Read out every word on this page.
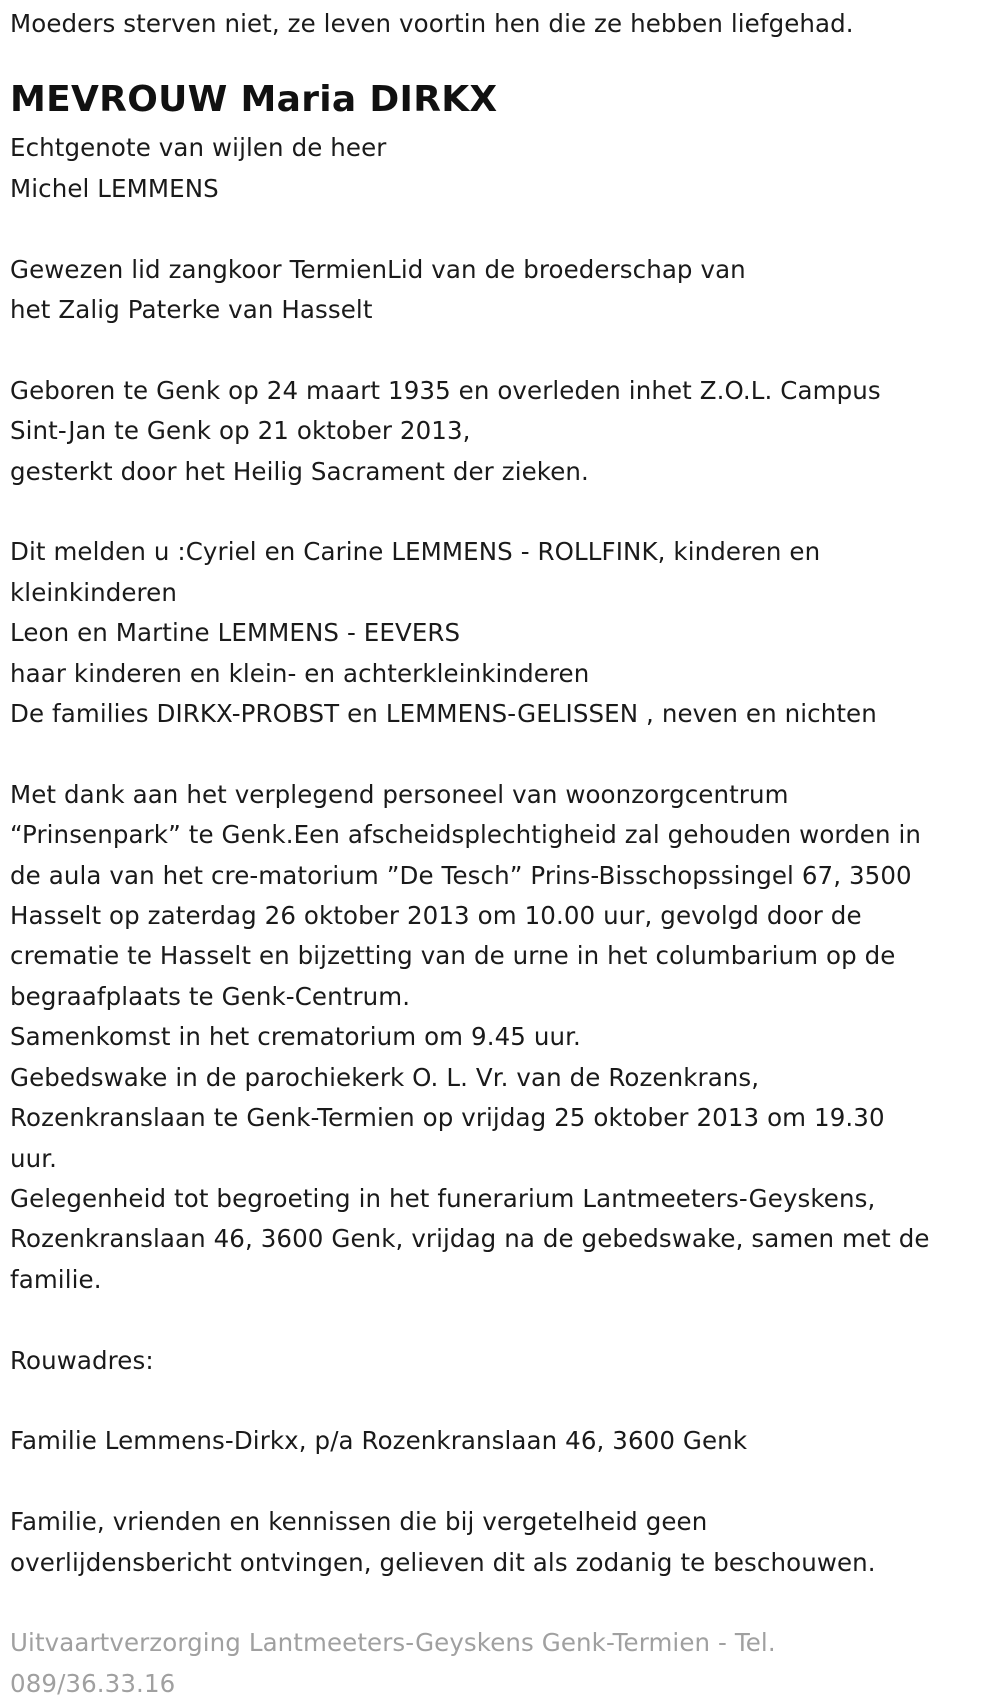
Moeders sterven niet, ze leven voortin hen die ze hebben liefgehad.
MEVROUW Maria DIRKX
Echtgenote van wijlen de heer
Michel LEMMENS
Gewezen lid zangkoor TermienLid van de broederschap van
het Zalig Paterke van Hasselt
Geboren te Genk op 24 maart 1935 en overleden inhet Z.O.L. Campus
Sint-Jan te Genk op 21 oktober 2013,
gesterkt door het Heilig Sacrament der zieken.
Dit melden u :Cyriel en Carine LEMMENS - ROLLFINK, kinderen en
kleinkinderen
Leon en Martine LEMMENS - EEVERS
haar kinderen en klein- en achterkleinkinderen
De families DIRKX-PROBST en LEMMENS-GELISSEN , neven en nichten
Met dank aan het verplegend personeel van woonzorgcentrum
“Prinsenpark” te Genk.Een afscheidsplechtigheid zal gehouden worden in
de aula van het cre-matorium ˮDe Teschˮ Prins-Bisschopssingel 67, 3500
Hasselt op zaterdag 26 oktober 2013 om 10.00 uur, gevolgd door de
crematie te Hasselt en bijzetting van de urne in het columbarium op de
begraafplaats te Genk-Centrum.
Samenkomst in het crematorium om 9.45 uur.
Gebedswake in de parochiekerk O. L. Vr. van de Rozenkrans,
Rozenkranslaan te Genk-Termien op vrijdag 25 oktober 2013 om 19.30
uur.
Gelegenheid tot begroeting in het funerarium Lantmeeters-Geyskens,
Rozenkranslaan 46, 3600 Genk, vrijdag na de gebedswake, samen met de
familie.
Rouwadres:
Familie Lemmens-Dirkx, p/a Rozenkranslaan 46, 3600 Genk
Familie, vrienden en kennissen die bij vergetelheid geen
overlijdensbericht ontvingen, gelieven dit als zodanig te beschouwen.
Uitvaartverzorging Lantmeeters-Geyskens Genk-Termien - Tel.
089/36.33.16
